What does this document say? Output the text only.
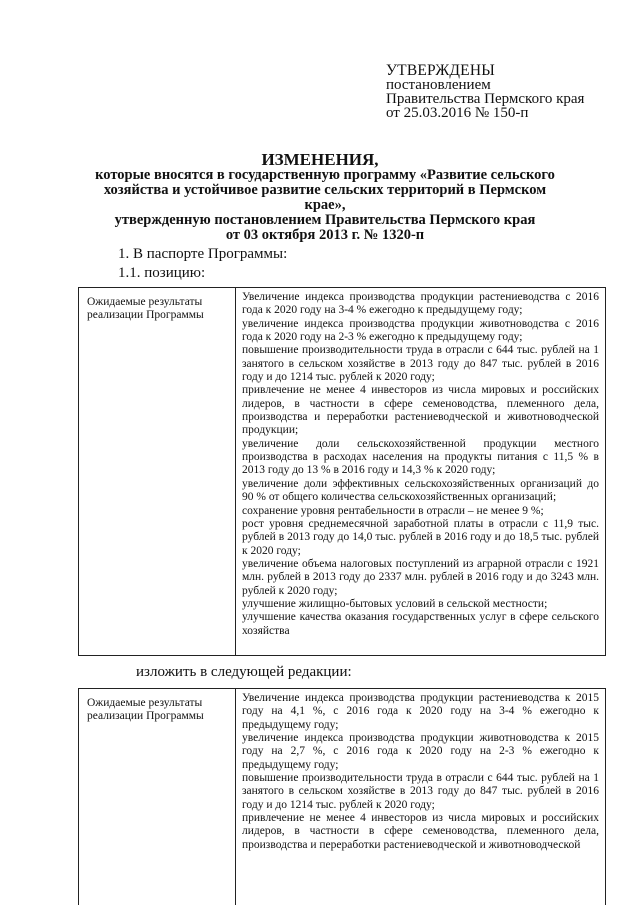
УТВЕРЖДЕНЫ
постановлением
Правительства Пермского края
от 25.03.2016 № 150-п
ИЗМЕНЕНИЯ,
которые вносятся в государственную программу «Развитие сельского
хозяйства и устойчивое развитие сельских территорий в Пермском крае»,
утвержденную постановлением Правительства Пермского края
от 03 октября 2013 г. № 1320-п
1. В паспорте Программы:
1.1. позицию:
Ожидаемые результаты реализации Программы

Увеличение индекса производства продукции растениеводства с 2016 года к 2020 году на 3-4 % ежегодно к предыдущему году;

увеличение индекса производства продукции животноводства с 2016 года к 2020 году на 2-3 % ежегодно к предыдущему году;

повышение производительности труда в отрасли с 644 тыс. рублей на 1 занятого в сельском хозяйстве в 2013 году до 847 тыс. рублей в 2016 году и до 1214 тыс. рублей к 2020 году;

привлечение не менее 4 инвесторов из числа мировых и российских лидеров, в частности в сфере семеноводства, племенного дела, производства и переработки растениеводческой и животноводческой продукции;

увеличение доли сельскохозяйственной продукции местного производства в расходах населения на продукты питания с 11,5 % в 2013 году до 13 % в 2016 году и 14,3 % к 2020 году;

увеличение доли эффективных сельскохозяйственных организаций до 90 % от общего количества сельскохозяйственных организаций;

сохранение уровня рентабельности в отрасли – не менее 9 %;

рост уровня среднемесячной заработной платы в отрасли с 11,9 тыс. рублей в 2013 году до 14,0 тыс. рублей в 2016 году и до 18,5 тыс. рублей к 2020 году;

увеличение объема налоговых поступлений из аграрной отрасли с 1921 млн. рублей в 2013 году до 2337 млн. рублей в 2016 году и до 3243 млн. рублей к 2020 году;

улучшение жилищно-бытовых условий в сельской местности;

улучшение качества оказания государственных услуг в сфере сельского хозяйства

изложить в следующей редакции:
Ожидаемые результаты реализации Программы

Увеличение индекса производства продукции растениеводства к 2015 году на 4,1 %, с 2016 года к 2020 году на 3-4 % ежегодно к предыдущему году;

увеличение индекса производства продукции животноводства к 2015 году на 2,7 %, с 2016 года к 2020 году на 2-3 % ежегодно к предыдущему году;

повышение производительности труда в отрасли с 644 тыс. рублей на 1 занятого в сельском хозяйстве в 2013 году до 847 тыс. рублей в 2016 году и до 1214 тыс. рублей к 2020 году;

привлечение не менее 4 инвесторов из числа мировых и российских лидеров, в частности в сфере семеноводства, племенного дела, производства и переработки растениеводческой и животноводческой
